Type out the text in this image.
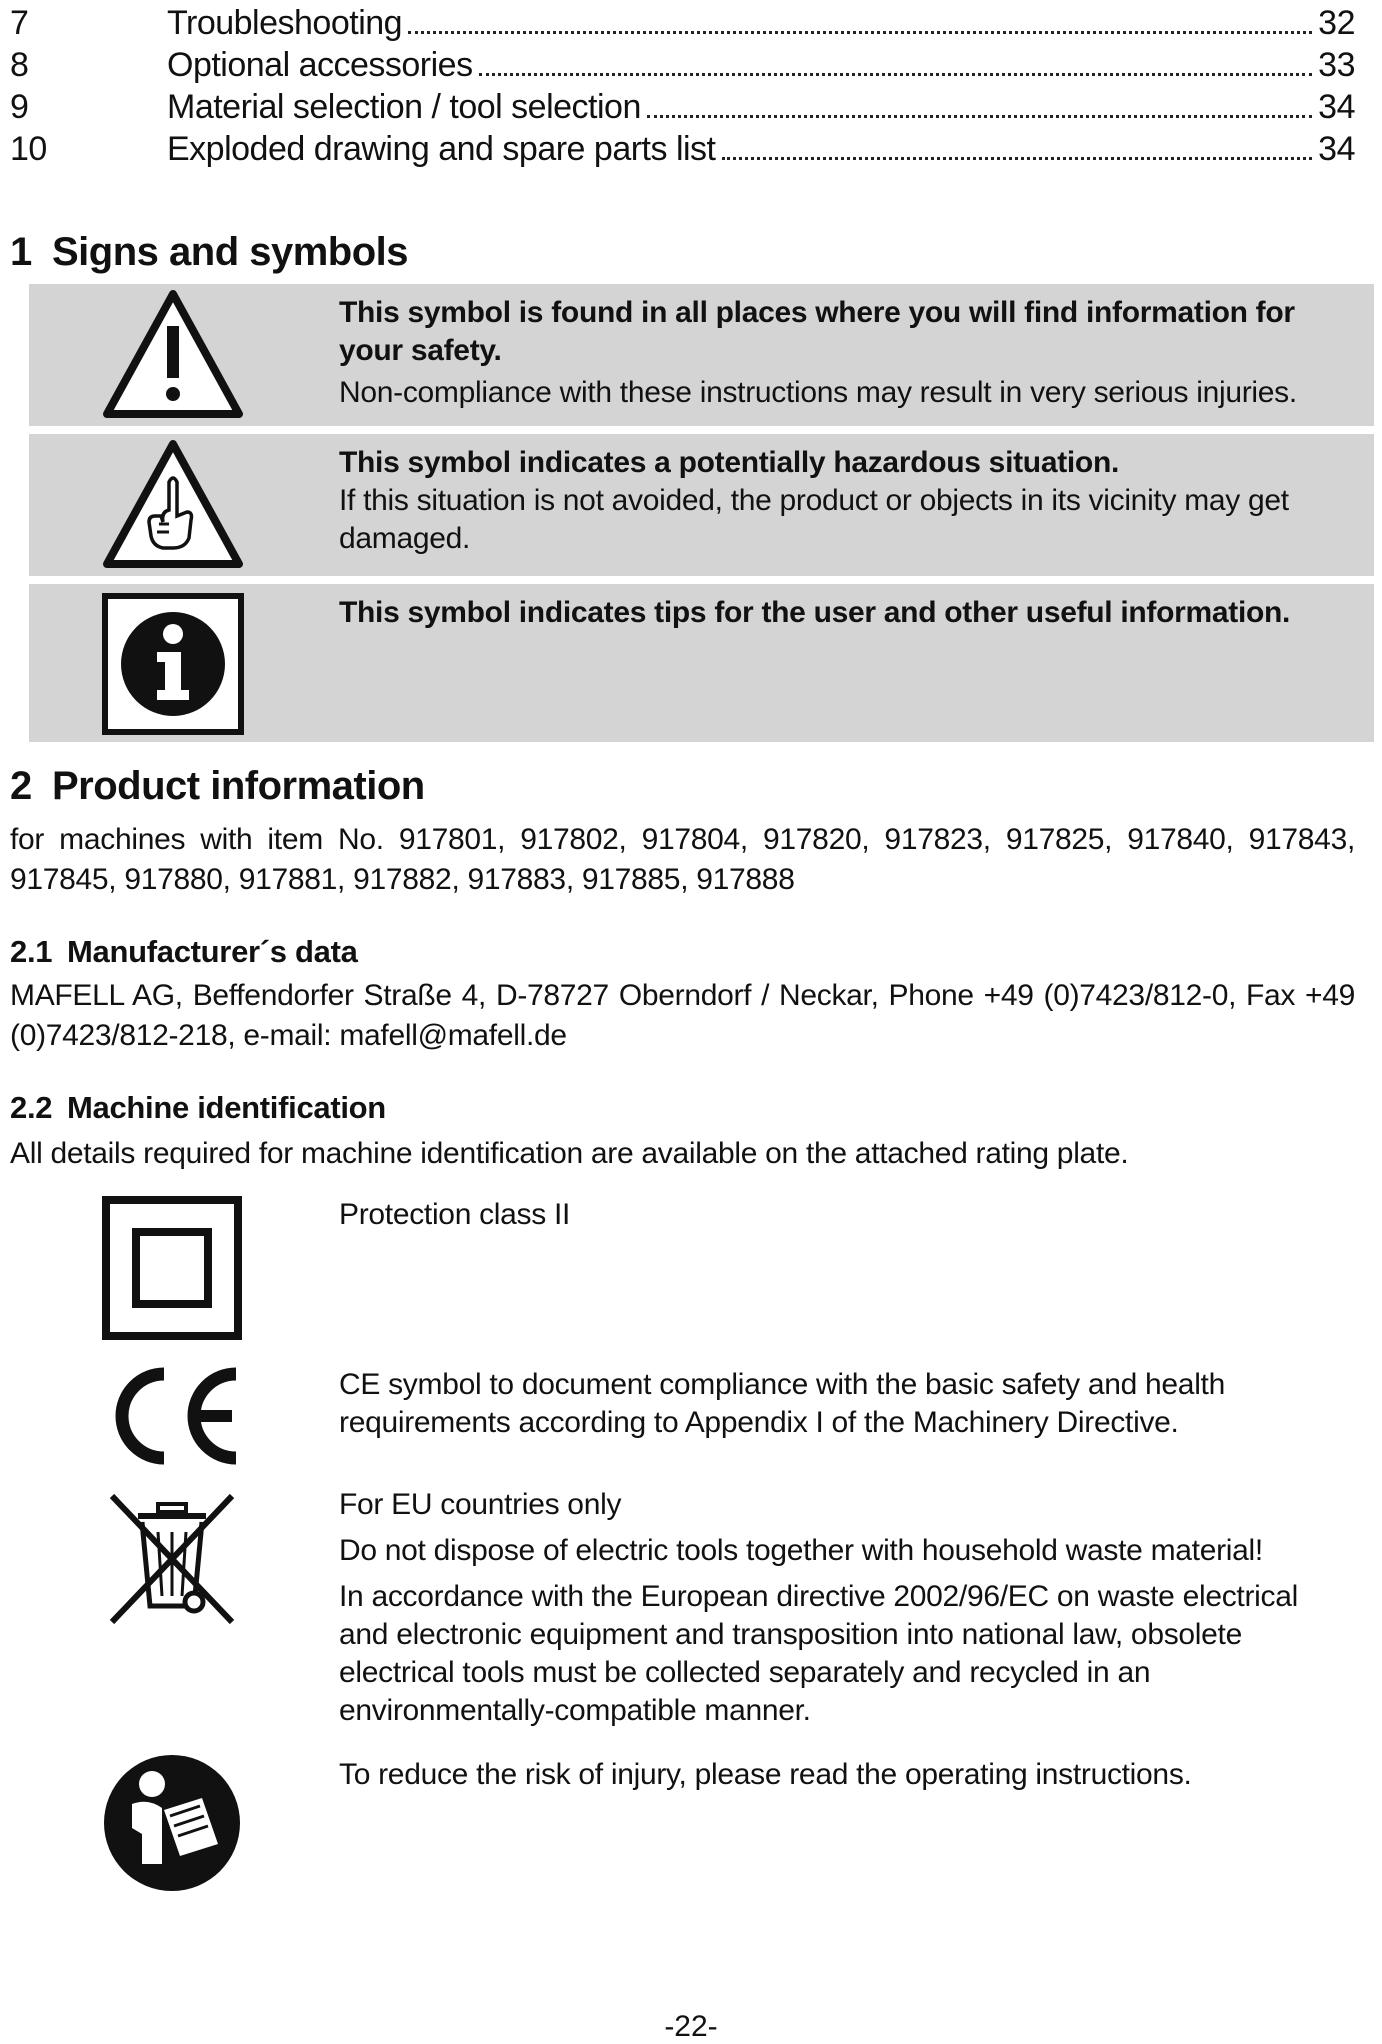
7	Troubleshooting	32
8	Optional accessories	33
9	Material selection / tool selection	34
10	Exploded drawing and spare parts list	34
1 Signs and symbols

This symbol is found in all places where you will find information for your safety.

Non-compliance with these instructions may result in very serious injuries.

This symbol indicates a potentially hazardous situation.

If this situation is not avoided, the product or objects in its vicinity may get damaged.

This symbol indicates tips for the user and other useful information.

2 Product information

for machines with item No. 917801, 917802, 917804, 917820, 917823, 917825, 917840, 917843, 917845, 917880, 917881, 917882, 917883, 917885, 917888

2.1 Manufacturer´s data

MAFELL AG, Beffendorfer Straße 4, D-78727 Oberndorf / Neckar, Phone +49 (0)7423/812-0, Fax +49 (0)7423/812-218, e-mail: mafell@mafell.de

2.2 Machine identification

All details required for machine identification are available on the attached rating plate.

Protection class II

CE symbol to document compliance with the basic safety and health requirements according to Appendix I of the Machinery Directive.

For EU countries only

Do not dispose of electric tools together with household waste material!

In accordance with the European directive 2002/96/EC on waste electrical and electronic equipment and transposition into national law, obsolete electrical tools must be collected separately and recycled in an environmentally-compatible manner.

To reduce the risk of injury, please read the operating instructions.

-22-
